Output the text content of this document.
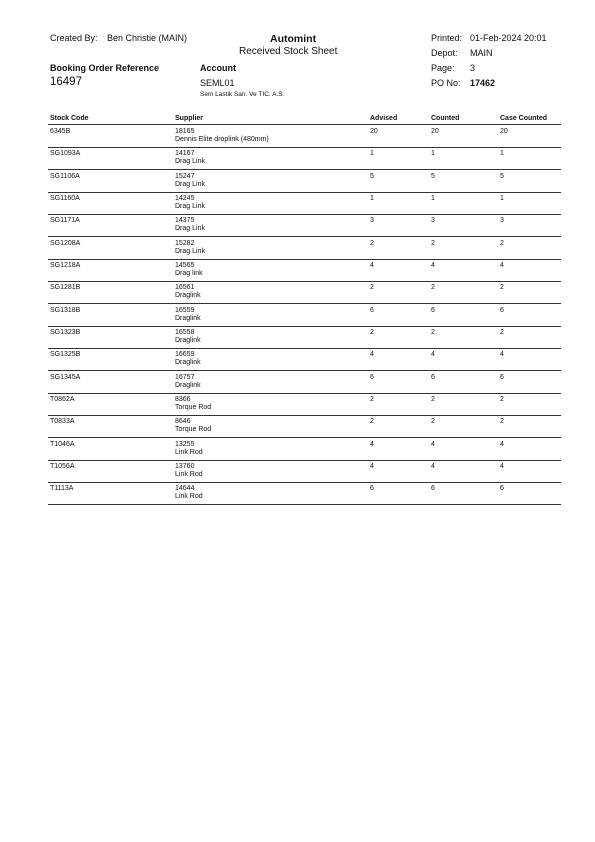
Created By: Ben Christie (MAIN)	Automint
Received Stock Sheet
Printed: 01-Feb-2024 20:01
Depot: MAIN
Page: 3
Booking Order Reference
16497
Account
SEML01
Sem Lastik San. Ve TIC. A.S.
PO No: 17462
Stock Code	Supplier	Advised	Counted	Case Counted
6345B	18165
Dennis Elite droplink (480mm)
20	20	20
SG1093A	14167
Drag Link
1	1	1
SG1106A	15247
Drag Link
5	5	5
SG1160A	14245
Drag Link
1	1	1
SG1171A	14375
Drag Link
3	3	3
SG1208A	15282
Drag Link
2	2	2
SG1218A	14565
Drag link
4	4	4
SG1281B	16561
Draglink
2	2	2
SG1318B	16559
Draglink
6	6	6
SG1323B	16558
Draglink
2	2	2
SG1325B	16659
Draglink
4	4	4
SG1345A	16757
Draglink
6	6	6
T0862A	8366
Torque Rod
2	2	2
T0833A	8646
Torque Rod
2	2	2
T1046A	13255
Link Rod
4	4	4
T1056A	13760
Link Rod
4	4	4
T1113A	14644
Link Rod
6	6	6
